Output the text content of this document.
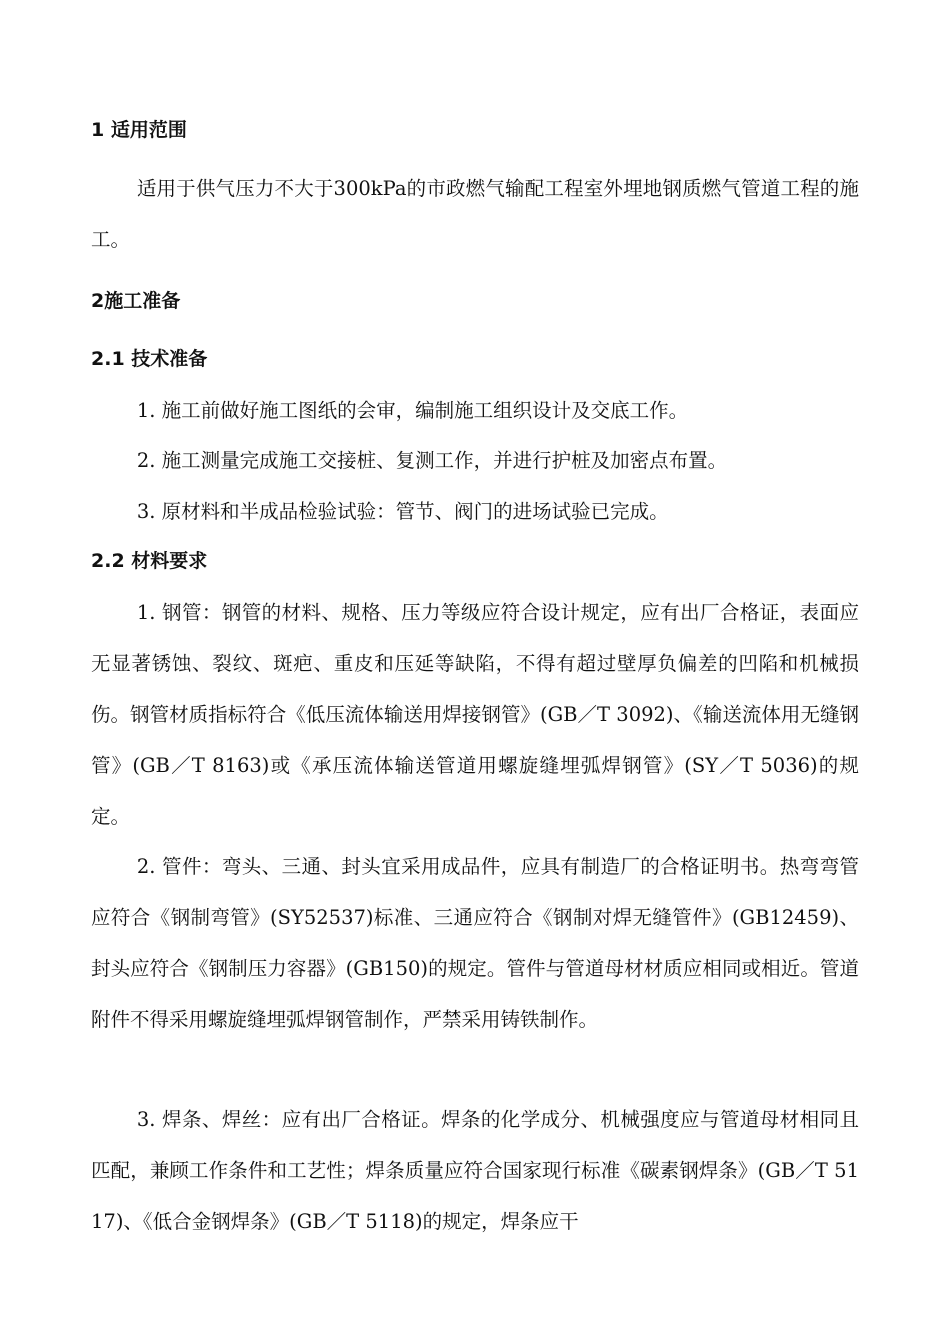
1 适用范围

适用于供气压力不大于300kPa的市政燃气输配工程室外埋地钢质燃气管道工程的施工。

2施工准备
2.1 技术准备

1. 施工前做好施工图纸的会审，编制施工组织设计及交底工作。

2. 施工测量完成施工交接桩、复测工作，并进行护桩及加密点布置。

3. 原材料和半成品检验试验：管节、阀门的进场试验已完成。

2.2 材料要求

1. 钢管：钢管的材料、规格、压力等级应符合设计规定，应有出厂合格证，表面应无显著锈蚀、裂纹、斑疤、重皮和压延等缺陷，不得有超过壁厚负偏差的凹陷和机械损伤。钢管材质指标符合《低压流体输送用焊接钢管》(GB／T 3092)、《输送流体用无缝钢管》(GB／T 8163)或《承压流体输送管道用螺旋缝埋弧焊钢管》(SY／T 5036)的规定。

2. 管件：弯头、三通、封头宜采用成品件，应具有制造厂的合格证明书。热弯弯管应符合《钢制弯管》(SY52537)标准、三通应符合《钢制对焊无缝管件》(GB12459)、封头应符合《钢制压力容器》(GB150)的规定。管件与管道母材材质应相同或相近。管道附件不得采用螺旋缝埋弧焊钢管制作，严禁采用铸铁制作。

3. 焊条、焊丝：应有出厂合格证。焊条的化学成分、机械强度应与管道母材相同且匹配，兼顾工作条件和工艺性；焊条质量应符合国家现行标准《碳素钢焊条》(GB／T 5117)、《低合金钢焊条》(GB／T 5118)的规定，焊条应干
